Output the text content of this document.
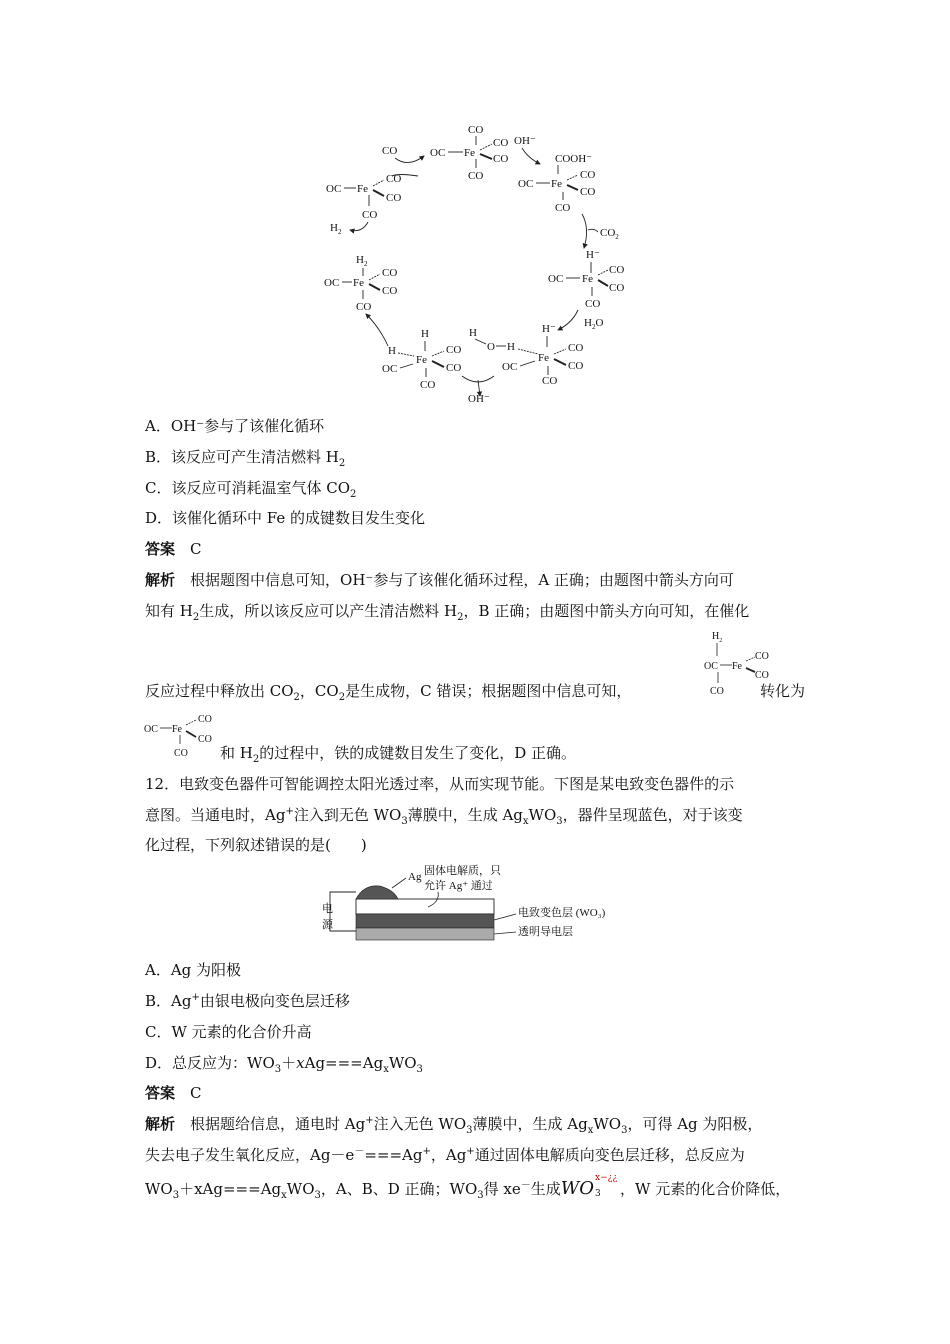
CO
OC Fe
CO
CO
CO
CO
OC Fe
CO
CO
CO
$H_2$
$H_2$
OC Fe
CO
CO
CO
H
H
OC
Fe
CO
CO
CO
H
O H
OH⁻
H⁻
OC
Fe
CO
CO
CO
$H_2O$
H⁻
OC Fe
CO
CO
CO
$CO_2$
OH⁻
COOH⁻
OC Fe
CO
CO
CO
A．OH⁻参与了该催化循环
B．该反应可产生清洁燃料 $H_2$
C．该反应可消耗温室气体 $CO_2$
D．该催化循环中 Fe 的成键数目发生变化
答案　 C
解析　 根据题图中信息可知，OH⁻参与了该催化循环过程，A 正确；由题图中箭头方向可
知有 $H_2$生成，所以该反应可以产生清洁燃料 $H_2$，B 正确；由题图中箭头方向可知，在催化
$H_2$
OC Fe
CO
CO
CO
反应过程中释放出 $CO_2$，$CO_2$是生成物，C 错误；根据题图中信息可知，	转化为
OC Fe
CO
CO
CO 和 $H_2$的过程中，铁的成键数目发生了变化，D 正确。
12．电致变色器件可智能调控太阳光透过率，从而实现节能。下图是某电致变色器件的示
意图。当通电时，Ag+注入到无色 $WO_3$薄膜中，生成 $Ag_xWO_3$，器件呈现蓝色，对于该变
化过程，下列叙述错误的是(　　)
电
源
Ag 固体电解质，只
允许 Ag⁺ 通过
电致变色层 (WO₃)
透明导电层
A．Ag 为阳极
B．Ag+由银电极向变色层迁移
C．W 元素的化合价升高
D．总反应为：$WO_3+xAg===Ag_xWO_3$
答案　 C
解析　 根据题给信息，通电时 Ag+注入无色 $WO_3$薄膜中，生成 $Ag_xWO_3$，可得 Ag 为阳极，
失去电子发生氧化反应，Ag－e－===Ag+，Ag+通过固体电解质向变色层迁移，总反应为
$WO_3+xAg===Ag_xWO_3$，A、B、D 正确；$WO_3$得 xe－生成WO x−¿¿
3 ，W 元素的化合价降低，
